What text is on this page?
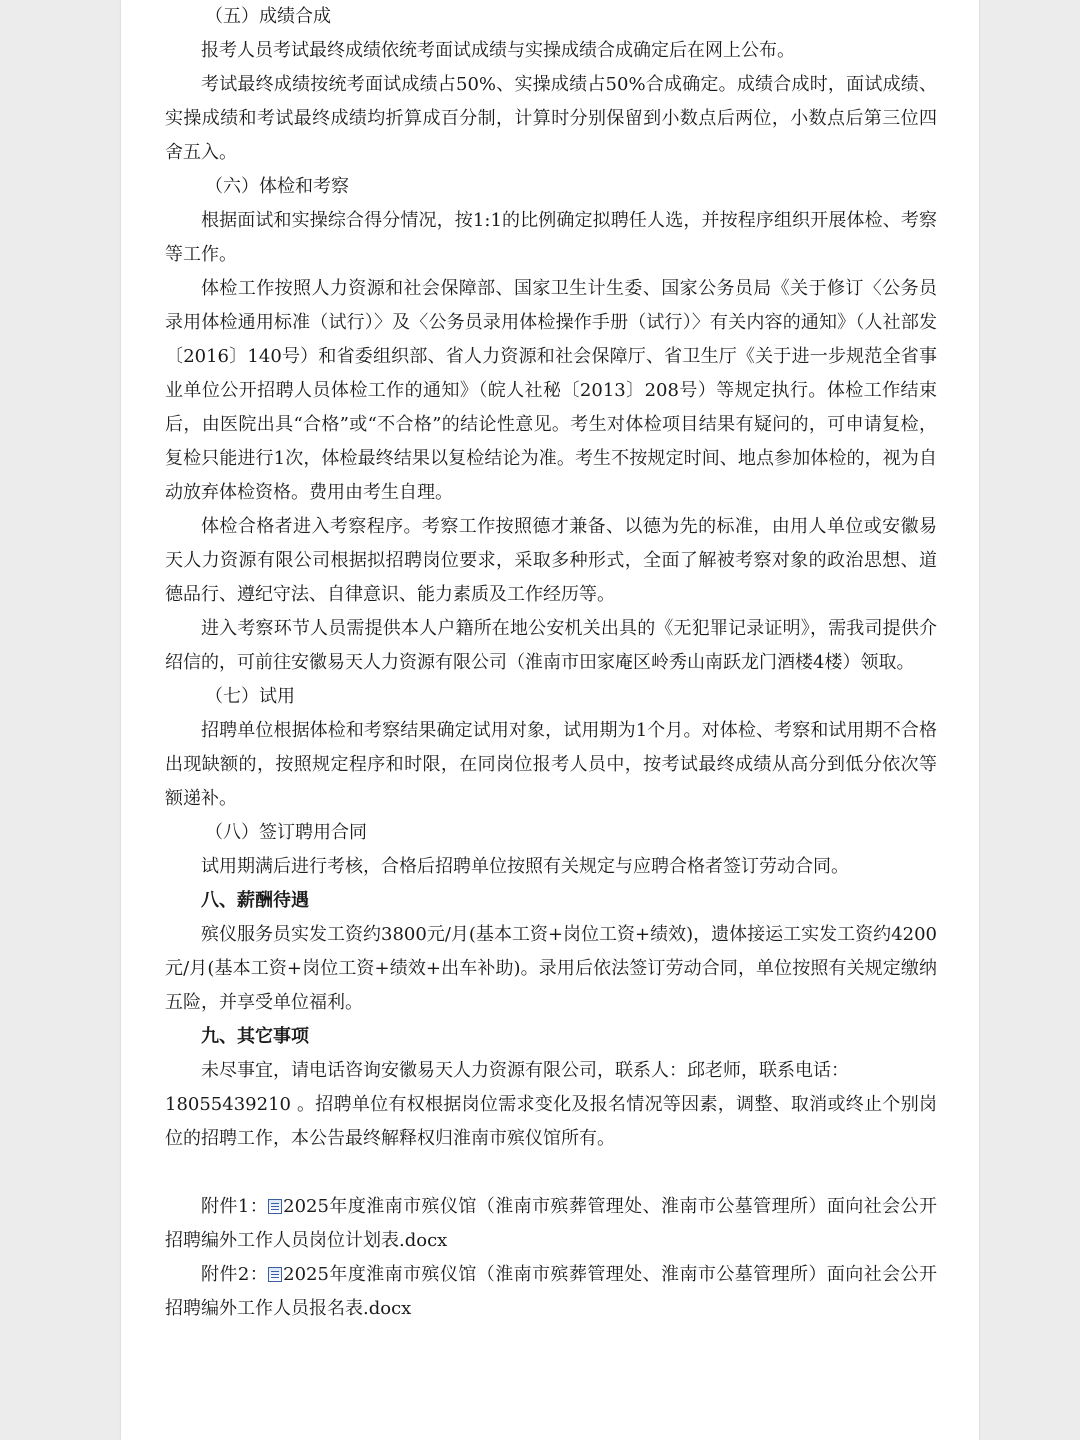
（五）成绩合成

报考人员考试最终成绩依统考面试成绩与实操成绩合成确定后在网上公布。

考试最终成绩按统考面试成绩占50%、实操成绩占50%合成确定。成绩合成时，面试成绩、实操成绩和考试最终成绩均折算成百分制，计算时分别保留到小数点后两位，小数点后第三位四舍五入。

（六）体检和考察

根据面试和实操综合得分情况，按1:1的比例确定拟聘任人选，并按程序组织开展体检、考察等工作。

体检工作按照人力资源和社会保障部、国家卫生计生委、国家公务员局《关于修订〈公务员录用体检通用标准（试行）〉及〈公务员录用体检操作手册（试行）〉有关内容的通知》（人社部发〔2016〕140号）和省委组织部、省人力资源和社会保障厅、省卫生厅《关于进一步规范全省事业单位公开招聘人员体检工作的通知》（皖人社秘〔2013〕208号）等规定执行。体检工作结束后，由医院出具“合格”或“不合格”的结论性意见。考生对体检项目结果有疑问的，可申请复检，复检只能进行1次，体检最终结果以复检结论为准。考生不按规定时间、地点参加体检的，视为自动放弃体检资格。费用由考生自理。

体检合格者进入考察程序。考察工作按照德才兼备、以德为先的标准，由用人单位或安徽易天人力资源有限公司根据拟招聘岗位要求，采取多种形式，全面了解被考察对象的政治思想、道德品行、遵纪守法、自律意识、能力素质及工作经历等。

进入考察环节人员需提供本人户籍所在地公安机关出具的《无犯罪记录证明》，需我司提供介绍信的，可前往安徽易天人力资源有限公司（淮南市田家庵区岭秀山南跃龙门酒楼4楼）领取。

（七）试用

招聘单位根据体检和考察结果确定试用对象，试用期为1个月。对体检、考察和试用期不合格出现缺额的，按照规定程序和时限，在同岗位报考人员中，按考试最终成绩从高分到低分依次等额递补。

（八）签订聘用合同

试用期满后进行考核，合格后招聘单位按照有关规定与应聘合格者签订劳动合同。

八、薪酬待遇

殡仪服务员实发工资约3800元/月(基本工资+岗位工资+绩效)，遗体接运工实发工资约4200元/月(基本工资+岗位工资+绩效+出车补助)。录用后依法签订劳动合同，单位按照有关规定缴纳五险，并享受单位福利。

九、其它事项

未尽事宜，请电话咨询安徽易天人力资源有限公司，联系人：邱老师，联系电话：

18055439210 。招聘单位有权根据岗位需求变化及报名情况等因素，调整、取消或终止个别岗位的招聘工作，本公告最终解释权归淮南市殡仪馆所有。

附件1： 2025年度淮南市殡仪馆（淮南市殡葬管理处、淮南市公墓管理所）面向社会公开招聘编外工作人员岗位计划表.docx

附件2： 2025年度淮南市殡仪馆（淮南市殡葬管理处、淮南市公墓管理所）面向社会公开招聘编外工作人员报名表.docx
